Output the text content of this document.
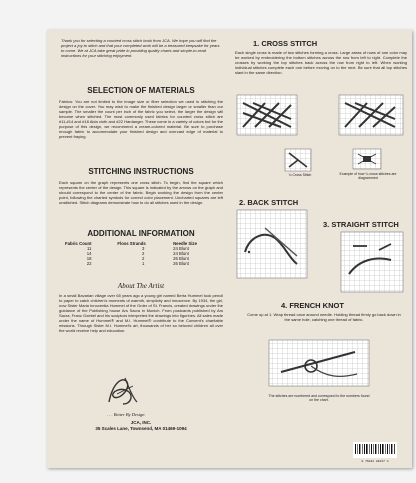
Thank you for selecting a counted cross stitch book from JCA. We hope you will find the project a joy to stitch and that your completed work will be a treasured keepsake for years to come. We at JCA take great pride in providing quality charts and simple-to-read instructions for your stitching enjoyment.
SELECTION OF MATERIALS
Fabrics: You are not limited to the image size or fiber selection we used in stitching the design on the cover. You may wish to make the finished design larger or smaller than our sample. The smaller the count per inch of the fabric you select, the larger the design will become when stitched. The most commonly used fabrics for counted cross stitch are #11,#14 and #18 Aida cloth and #22 Hardanger. These come in a variety of colors but for the purpose of this design, we recommend a cream-colored material. Be sure to purchase enough fabric to accommodate your finished design and overcast edge of material to prevent fraying.
STITCHING INSTRUCTIONS
Each square on the graph represents one cross stitch. To begin, find the square which represents the center of the design. This square is indicated by the arrows on the graph and should correspond to the center of the fabric. Begin working the design from the center point, following the charted symbols for correct color placement. Uncharted squares are left unstitched. Stitch diagrams demonstrate how to do all stitches used in the design.
ADDITIONAL INFORMATION
Fabric Count	Floss Strands	Needle Size
11	3	24 Blunt
14	2	24 Blunt
18	2	26 Blunt
22	1	26 Blunt
About The Artist
In a small Bavarian village over 65 years ago a young girl named Berta Hummel took pencil to paper to catch children's moments of warmth, simplicity and innocence. By 1934, the girl, now Sister Maria Innocentia Hummel of the Order of St. Francis, created drawings under the guidance of the Publishing house Ars Sacra in Munich. From postcards published by Ars Sacra, Franz Goebel and his sculptors interpreted the drawings into figurines. All sales made under the name of Hummel® and M.I. Hummel® contribute to the Convent's charitable missions. Through Sister M.I. Hummel's art, thousands of her so beloved children all over the world receive help and education.
. . . Better By Design
JCA, INC.
35 Scales Lane, Townsend, MA 01469-1094
1. CROSS STITCH
Each single cross is made of two stitches forming a cross. Large areas of rows of one color may be worked by embroidering the bottom stitches across the row from left to right. Complete the crosses by working the top stitches back across the row from right to left. When working individual stitches complete each one before moving on to the next. Be sure that all top stitches slant in the same direction.
¼ Cross Stitch	Example of how ¼ cross stitches are diagrammed
2. BACK STITCH
3. STRAIGHT STITCH
4. FRENCH KNOT
Come up at 1. Wrap thread once around needle. Holding thread firmly go back down in the same hole, catching one thread of fabric.
The stitches are numbered and correspond to the numbers found on the chart.
0 76042 84037 4
